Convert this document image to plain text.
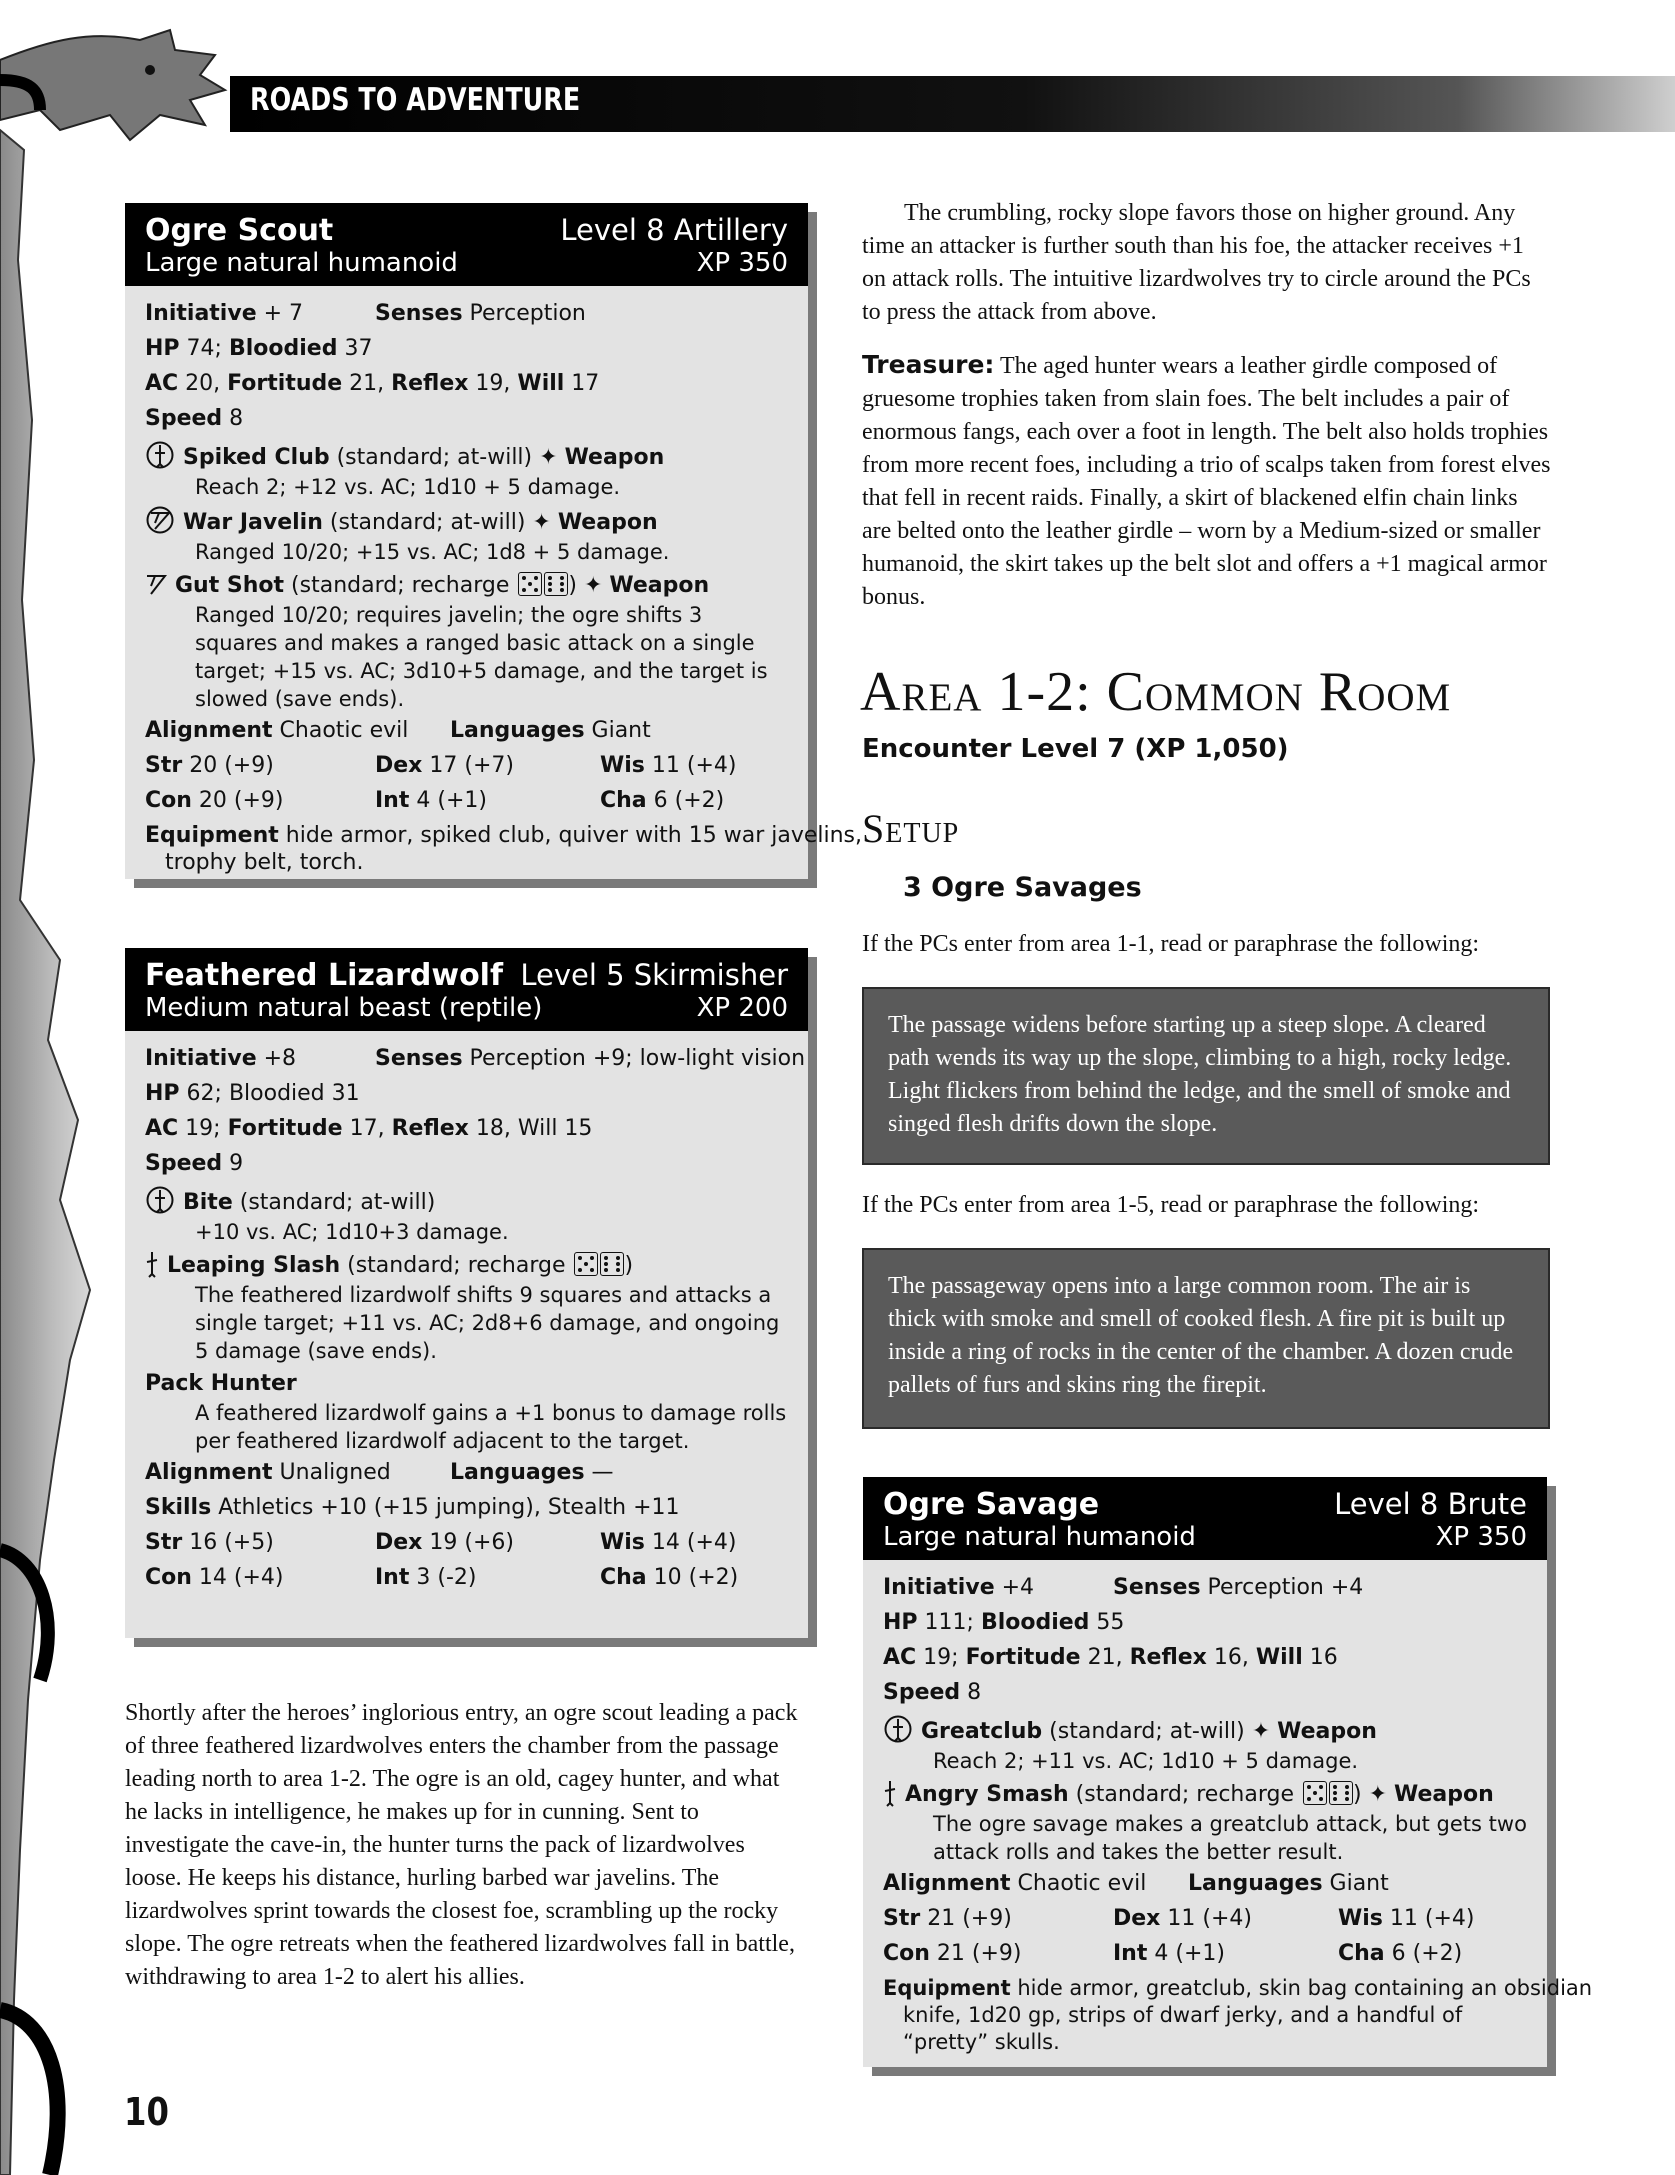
ROADS TO ADVENTURE
Ogre Scout	Level 8 Artillery
Large natural humanoid	XP 350
Initiative + 7	Senses Perception
HP 74; Bloodied 37
AC 20, Fortitude 21, Reflex 19, Will 17
Speed 8
Spiked Club (standard; at-will) ✦ Weapon
Reach 2; +12 vs. AC; 1d10 + 5 damage.
War Javelin (standard; at-will) ✦ Weapon
Ranged 10/20; +15 vs. AC; 1d8 + 5 damage.
Gut Shot (standard; recharge
) ✦ Weapon
Ranged 10/20; requires javelin; the ogre shifts 3 squares and makes a ranged basic attack on a single target; +15 vs. AC; 3d10+5 damage, and the target is slowed (save ends).
Alignment Chaotic evil	Languages Giant
Str 20 (+9)	Dex 17 (+7)	Wis 11 (+4)
Con 20 (+9)	Int 4 (+1)	Cha 6 (+2)
Equipment hide armor, spiked club, quiver with 15 war javelins,
trophy belt, torch.
Feathered Lizardwolf Level 5 Skirmisher
Medium natural beast (reptile)	XP 200
Initiative +8	Senses Perception +9; low-light vision
HP 62; Bloodied 31
AC 19; Fortitude 17, Reflex 18, Will 15
Speed 9
Bite (standard; at-will)
+10 vs. AC; 1d10+3 damage.
Leaping Slash (standard; recharge
)
The feathered lizardwolf shifts 9 squares and attacks a single target; +11 vs. AC; 2d8+6 damage, and ongoing 5 damage (save ends).
Pack Hunter
A feathered lizardwolf gains a +1 bonus to damage rolls per feathered lizardwolf adjacent to the target.
Alignment Unaligned	Languages —
Skills Athletics +10 (+15 jumping), Stealth +11
Str 16 (+5)	Dex 19 (+6)	Wis 14 (+4)
Con 14 (+4)	Int 3 (-2)	Cha 10 (+2)

Shortly after the heroes’ inglorious entry, an ogre scout leading a pack of three feathered lizardwolves enters the chamber from the passage leading north to area 1-2. The ogre is an old, cagey hunter, and what he lacks in intelligence, he makes up for in cunning. Sent to investigate the cave-in, the hunter turns the pack of lizardwolves loose. He keeps his distance, hurling barbed war javelins. The lizardwolves sprint towards the closest foe, scrambling up the rocky slope. The ogre retreats when the feathered lizardwolves fall in battle, withdrawing to area 1-2 to alert his allies.

The crumbling, rocky slope favors those on higher ground. Any time an attacker is further south than his foe, the attacker receives +1 on attack rolls. The intuitive lizardwolves try to circle around the PCs to press the attack from above.

Treasure: The aged hunter wears a leather girdle composed of gruesome trophies taken from slain foes. The belt includes a pair of enormous fangs, each over a foot in length. The belt also holds trophies from more recent foes, including a trio of scalps taken from forest elves that fell in recent raids. Finally, a skirt of blackened elfin chain links are belted onto the leather girdle – worn by a Medium-sized or smaller humanoid, the skirt takes up the belt slot and offers a +1 magical armor bonus.

Area 1-2: Common Room
Encounter Level 7 (XP 1,050)
Setup
3 Ogre Savages

If the PCs enter from area 1-1, read or paraphrase the following:

The passage widens before starting up a steep slope. A cleared path wends its way up the slope, climbing to a high, rocky ledge. Light flickers from behind the ledge, and the smell of smoke and singed flesh drifts down the slope.

If the PCs enter from area 1-5, read or paraphrase the following:

The passageway opens into a large common room. The air is thick with smoke and smell of cooked flesh. A fire pit is built up inside a ring of rocks in the center of the chamber. A dozen crude pallets of furs and skins ring the firepit.
Ogre Savage	Level 8 Brute
Large natural humanoid	XP 350
Initiative +4	Senses Perception +4
HP 111; Bloodied 55
AC 19; Fortitude 21, Reflex 16, Will 16
Speed 8
Greatclub (standard; at-will) ✦ Weapon
Reach 2; +11 vs. AC; 1d10 + 5 damage.
Angry Smash (standard; recharge
) ✦ Weapon
The ogre savage makes a greatclub attack, but gets two attack rolls and takes the better result.
Alignment Chaotic evil	Languages Giant
Str 21 (+9)	Dex 11 (+4)	Wis 11 (+4)
Con 21 (+9)	Int 4 (+1)	Cha 6 (+2)
Equipment hide armor, greatclub, skin bag containing an obsidian
knife, 1d20 gp, strips of dwarf jerky, and a handful of “pretty” skulls.
10
